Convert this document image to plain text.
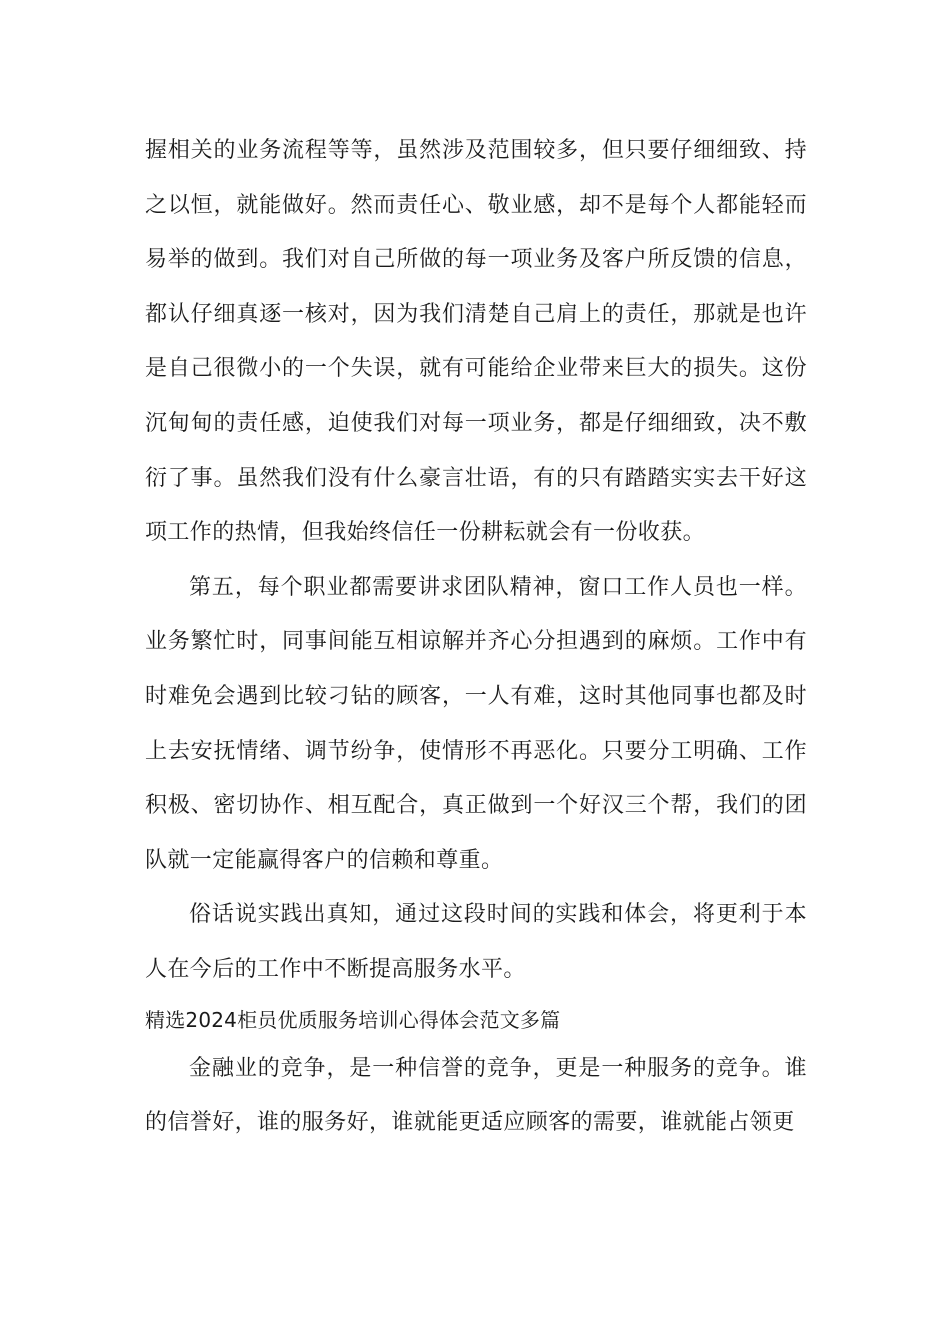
握相关的业务流程等等，虽然涉及范围较多，但只要仔细细致、持之以恒，就能做好。然而责任心、敬业感，却不是每个人都能轻而易举的做到。我们对自己所做的每一项业务及客户所反馈的信息，都认仔细真逐一核对，因为我们清楚自己肩上的责任，那就是也许是自己很微小的一个失误，就有可能给企业带来巨大的损失。这份沉甸甸的责任感，迫使我们对每一项业务，都是仔细细致，决不敷衍了事。虽然我们没有什么豪言壮语，有的只有踏踏实实去干好这项工作的热情，但我始终信任一份耕耘就会有一份收获。

第五，每个职业都需要讲求团队精神，窗口工作人员也一样。业务繁忙时，同事间能互相谅解并齐心分担遇到的麻烦。工作中有时难免会遇到比较刁钻的顾客，一人有难，这时其他同事也都及时上去安抚情绪、调节纷争，使情形不再恶化。只要分工明确、工作积极、密切协作、相互配合，真正做到一个好汉三个帮，我们的团队就一定能赢得客户的信赖和尊重。

俗话说实践出真知，通过这段时间的实践和体会，将更利于本人在今后的工作中不断提高服务水平。

精选2024柜员优质服务培训心得体会范文多篇

金融业的竞争，是一种信誉的竞争，更是一种服务的竞争。谁的信誉好，谁的服务好，谁就能更适应顾客的需要，谁就能占领更
